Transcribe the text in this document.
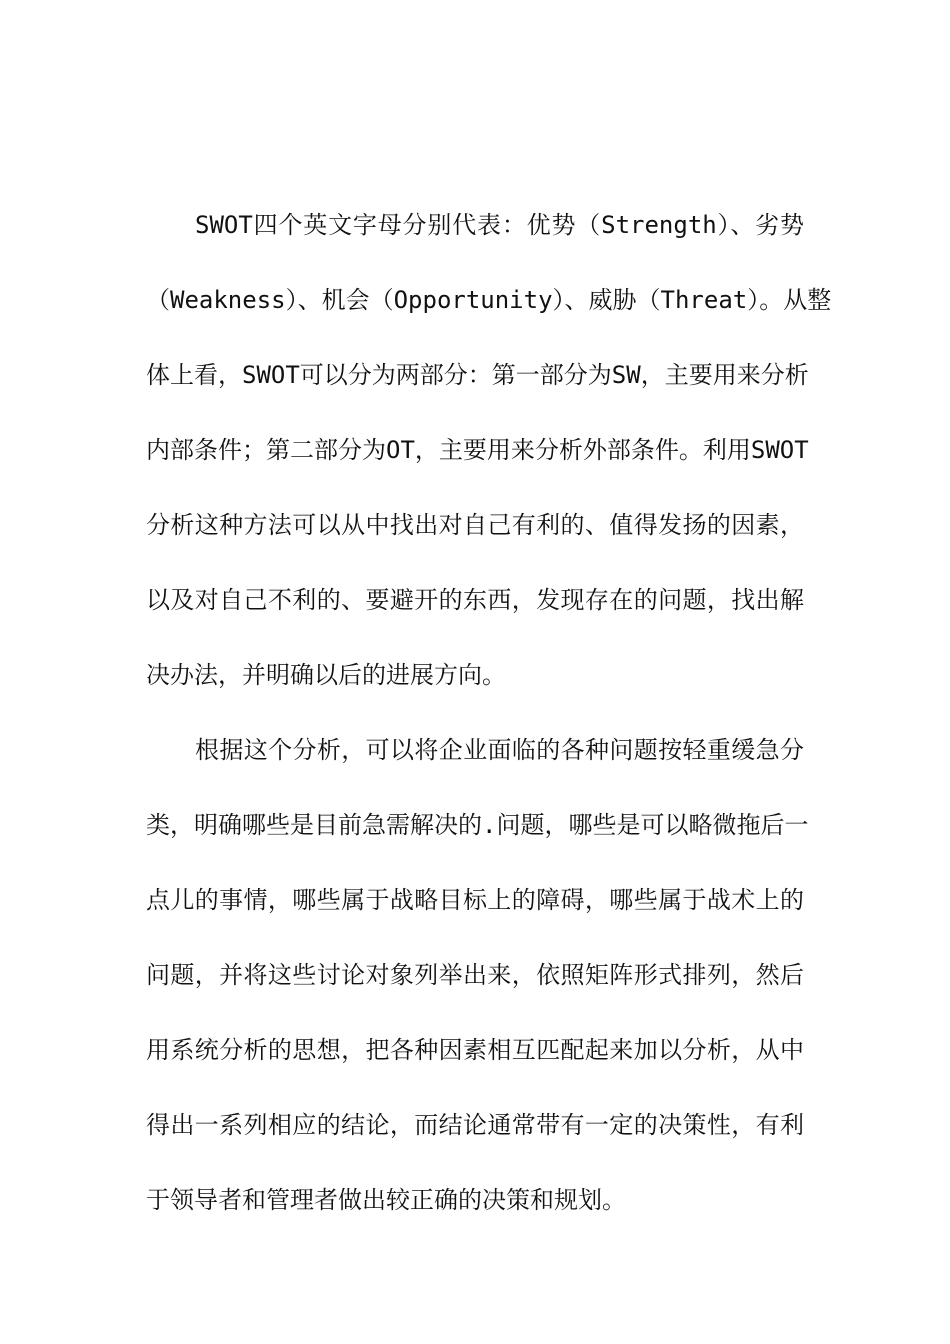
SWOT四个英文字母分别代表：优势（Strength）、劣势
（Weakness）、机会（Opportunity）、威胁（Threat）。从整
体上看，SWOT可以分为两部分：第一部分为SW，主要用来分析
内部条件；第二部分为OT，主要用来分析外部条件。利用SWOT
分析这种方法可以从中找出对自己有利的、值得发扬的因素，
以及对自己不利的、要避开的东西，发现存在的问题，找出解
决办法，并明确以后的进展方向。
根据这个分析，可以将企业面临的各种问题按轻重缓急分
类，明确哪些是目前急需解决的.问题，哪些是可以略微拖后一
点儿的事情，哪些属于战略目标上的障碍，哪些属于战术上的
问题，并将这些讨论对象列举出来，依照矩阵形式排列，然后
用系统分析的思想，把各种因素相互匹配起来加以分析，从中
得出一系列相应的结论，而结论通常带有一定的决策性，有利
于领导者和管理者做出较正确的决策和规划。
